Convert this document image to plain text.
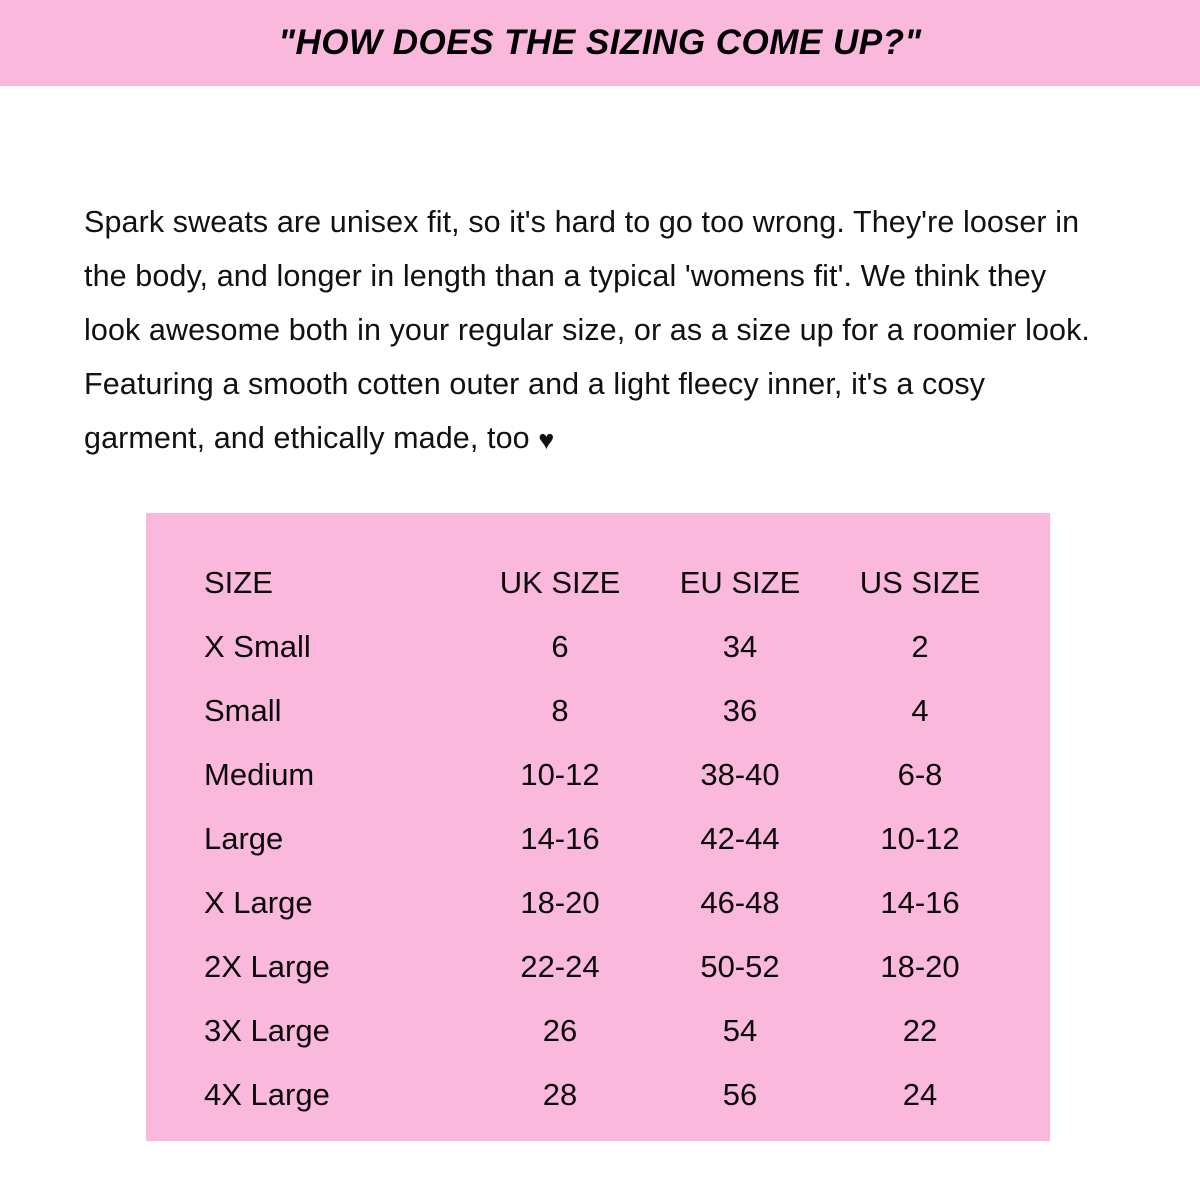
"HOW DOES THE SIZING COME UP?"

Spark sweats are unisex fit, so it's hard to go too wrong. They're looser in the body, and longer in length than a typical 'womens fit'. We think they look awesome both in your regular size, or as a size up for a roomier look. Featuring a smooth cotten outer and a light fleecy inner, it's a cosy garment, and ethically made, too ♥

SIZE	UK SIZE	EU SIZE	US SIZE
X Small	6	34	2
Small	8	36	4
Medium	10-12	38-40	6-8
Large	14-16	42-44	10-12
X Large	18-20	46-48	14-16
2X Large	22-24	50-52	18-20
3X Large	26	54	22
4X Large	28	56	24
